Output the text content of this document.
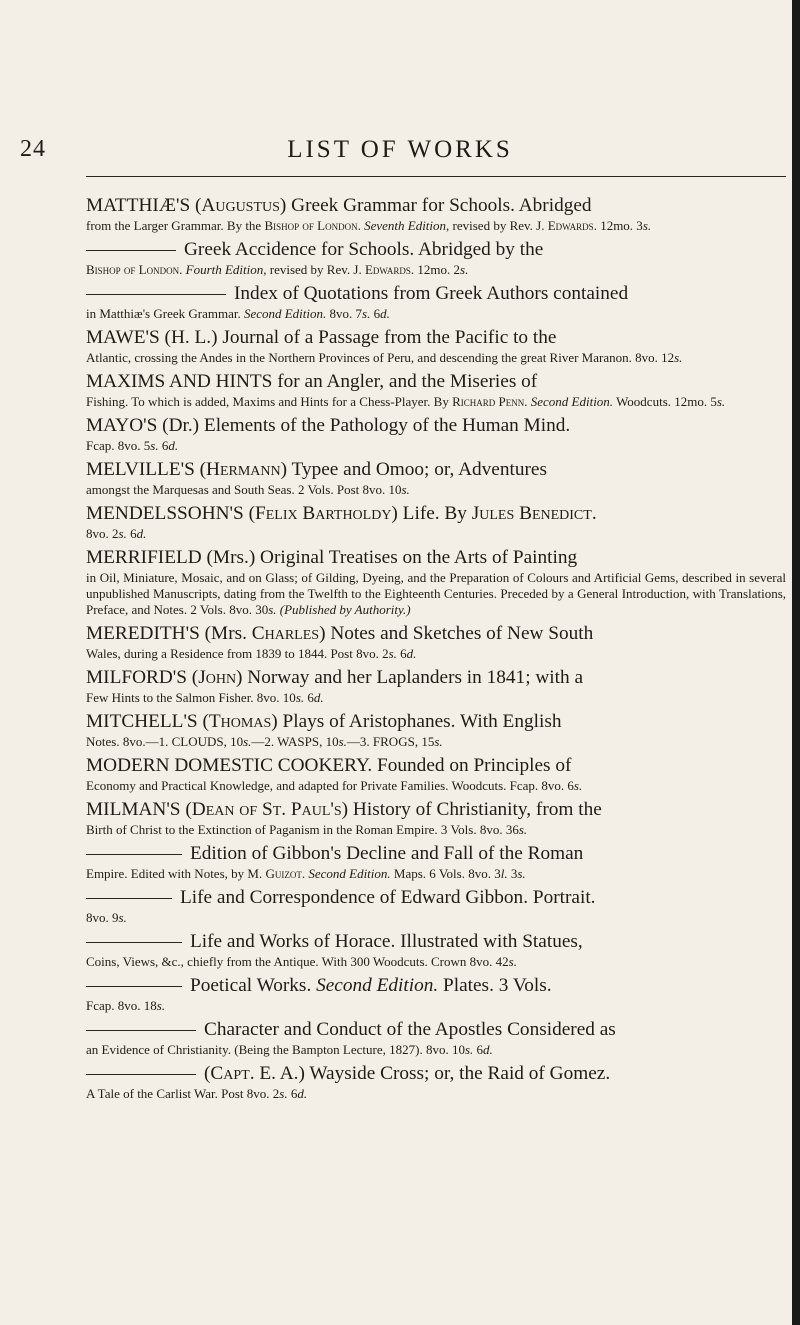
24	LIST OF WORKS
MATTHIÆ'S (Augustus) Greek Grammar for Schools. Abridged
from the Larger Grammar. By the Bishop of London. Seventh Edition, revised by Rev. J. Edwards. 12mo. 3s.
Greek Accidence for Schools. Abridged by the
Bishop of London. Fourth Edition, revised by Rev. J. Edwards. 12mo. 2s.
Index of Quotations from Greek Authors contained
in Matthiæ's Greek Grammar. Second Edition. 8vo. 7s. 6d.
MAWE'S (H. L.) Journal of a Passage from the Pacific to the
Atlantic, crossing the Andes in the Northern Provinces of Peru, and descending the great River Maranon. 8vo. 12s.
MAXIMS AND HINTS for an Angler, and the Miseries of
Fishing. To which is added, Maxims and Hints for a Chess-Player. By Richard Penn. Second Edition. Woodcuts. 12mo. 5s.
MAYO'S (Dr.) Elements of the Pathology of the Human Mind.
Fcap. 8vo. 5s. 6d.
MELVILLE'S (Hermann) Typee and Omoo; or, Adventures
amongst the Marquesas and South Seas. 2 Vols. Post 8vo. 10s.
MENDELSSOHN'S (Felix Bartholdy) Life. By Jules Benedict.
8vo. 2s. 6d.
MERRIFIELD (Mrs.) Original Treatises on the Arts of Painting
in Oil, Miniature, Mosaic, and on Glass; of Gilding, Dyeing, and the Preparation of Colours and Artificial Gems, described in several unpublished Manuscripts, dating from the Twelfth to the Eighteenth Centuries. Preceded by a General Introduction, with Translations, Preface, and Notes. 2 Vols. 8vo. 30s. (Published by Authority.)
MEREDITH'S (Mrs. Charles) Notes and Sketches of New South
Wales, during a Residence from 1839 to 1844. Post 8vo. 2s. 6d.
MILFORD'S (John) Norway and her Laplanders in 1841; with a
Few Hints to the Salmon Fisher. 8vo. 10s. 6d.
MITCHELL'S (Thomas) Plays of Aristophanes. With English
Notes. 8vo.—1. CLOUDS, 10s.—2. WASPS, 10s.—3. FROGS, 15s.
MODERN DOMESTIC COOKERY. Founded on Principles of
Economy and Practical Knowledge, and adapted for Private Families. Woodcuts. Fcap. 8vo. 6s.
MILMAN'S (Dean of St. Paul's) History of Christianity, from the
Birth of Christ to the Extinction of Paganism in the Roman Empire. 3 Vols. 8vo. 36s.
Edition of Gibbon's Decline and Fall of the Roman
Empire. Edited with Notes, by M. Guizot. Second Edition. Maps. 6 Vols. 8vo. 3l. 3s.
Life and Correspondence of Edward Gibbon. Portrait.
8vo. 9s.
Life and Works of Horace. Illustrated with Statues,
Coins, Views, &c., chiefly from the Antique. With 300 Woodcuts. Crown 8vo. 42s.
Poetical Works. Second Edition. Plates. 3 Vols.
Fcap. 8vo. 18s.
Character and Conduct of the Apostles Considered as
an Evidence of Christianity. (Being the Bampton Lecture, 1827). 8vo. 10s. 6d.
(Capt. E. A.) Wayside Cross; or, the Raid of Gomez.
A Tale of the Carlist War. Post 8vo. 2s. 6d.
